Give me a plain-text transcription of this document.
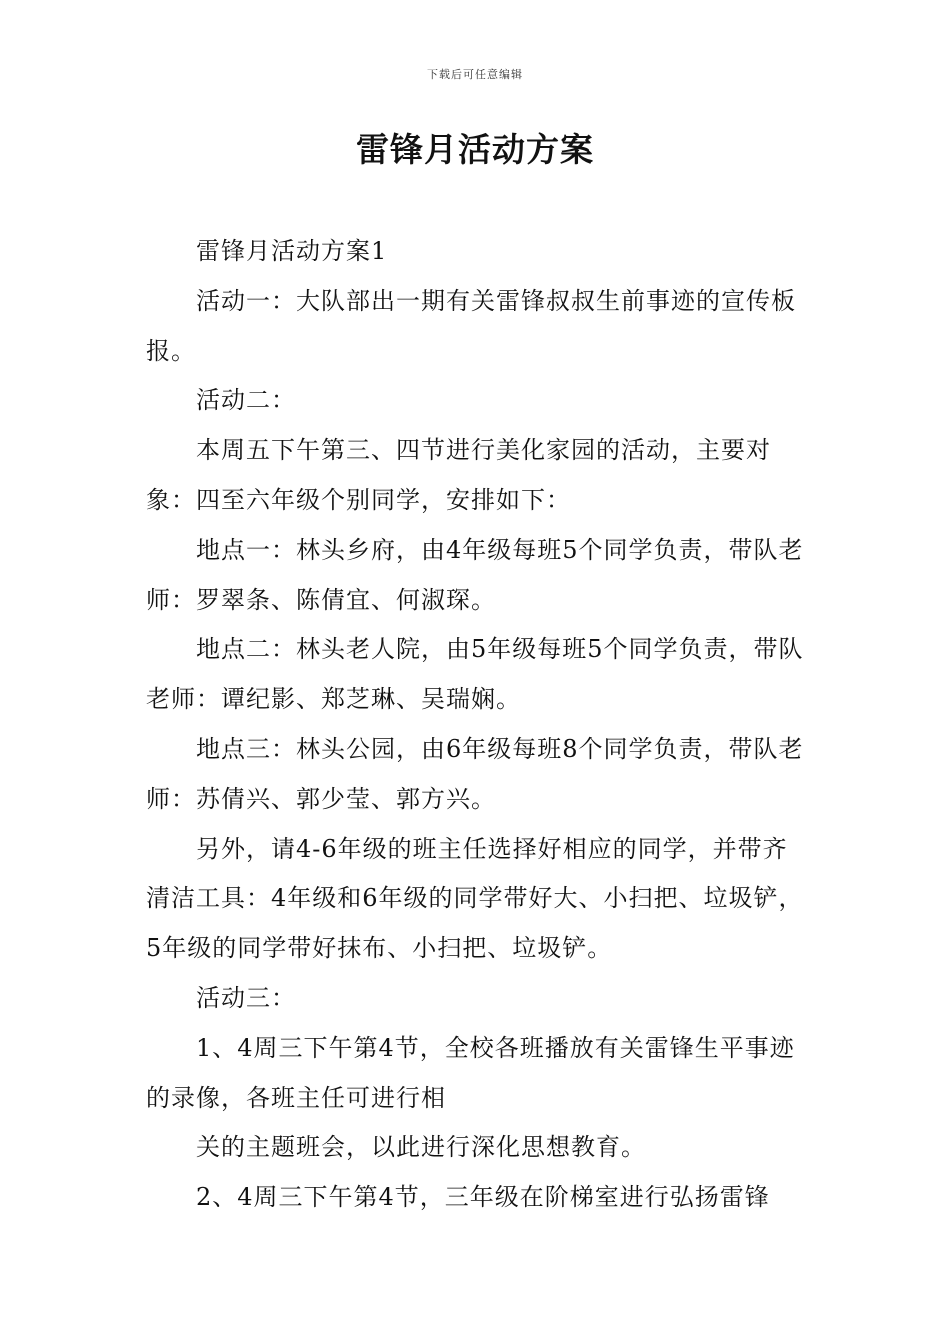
下载后可任意编辑
雷锋月活动方案

雷锋月活动方案1

活动一：大队部出一期有关雷锋叔叔生前事迹的宣传板报。

活动二：

本周五下午第三、四节进行美化家园的活动，主要对象：四至六年级个别同学，安排如下：

地点一：林头乡府，由4年级每班5个同学负责，带队老师：罗翠条、陈倩宜、何淑琛。

地点二：林头老人院，由5年级每班5个同学负责，带队老师：谭纪影、郑芝琳、吴瑞娴。

地点三：林头公园，由6年级每班8个同学负责，带队老师：苏倩兴、郭少莹、郭方兴。

另外，请4-6年级的班主任选择好相应的同学，并带齐清洁工具：4年级和6年级的同学带好大、小扫把、垃圾铲，5年级的同学带好抹布、小扫把、垃圾铲。

活动三：

1、4周三下午第4节，全校各班播放有关雷锋生平事迹的录像，各班主任可进行相

关的主题班会，以此进行深化思想教育。

2、4周三下午第4节，三年级在阶梯室进行弘扬雷锋
